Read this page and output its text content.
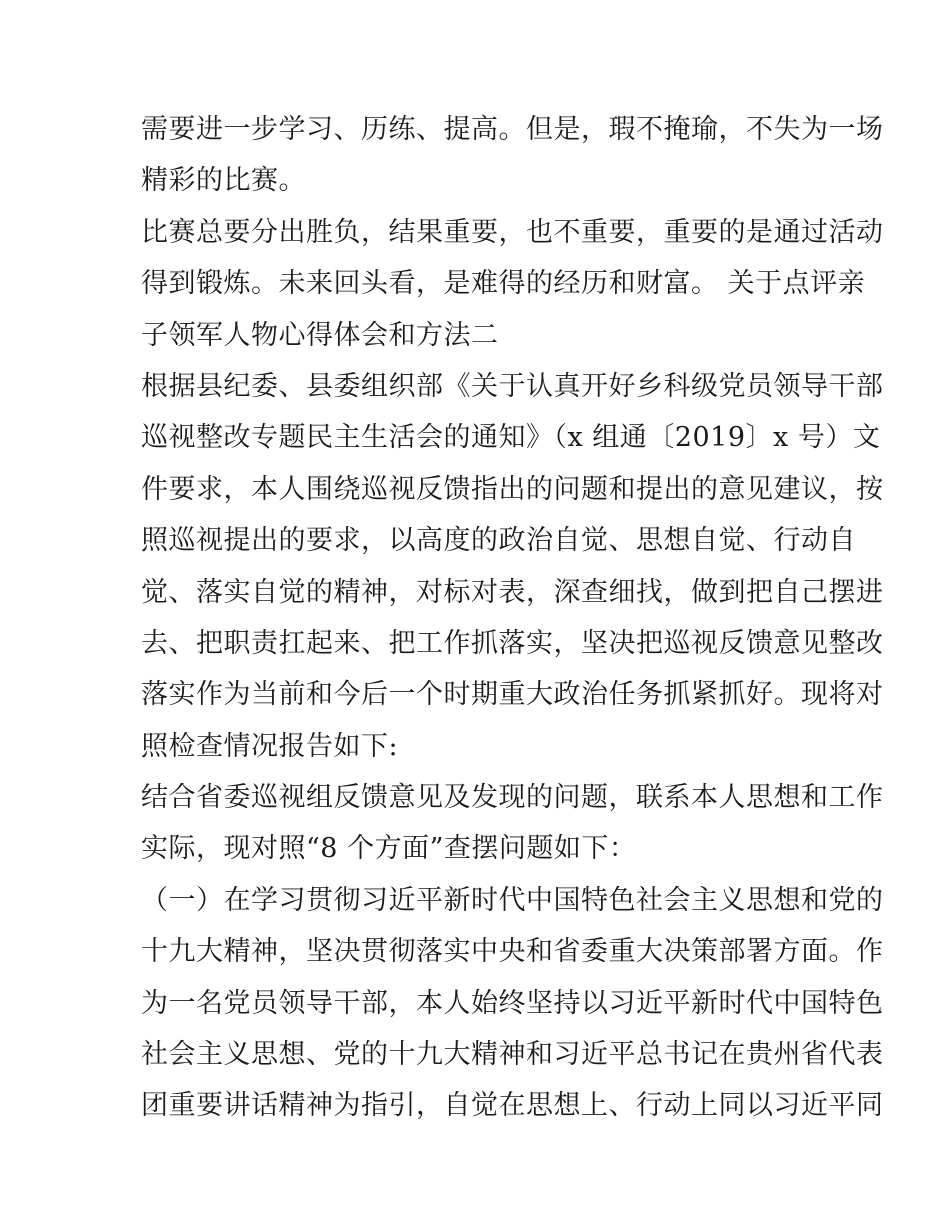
需要进一步学习、历练、提高。但是，瑕不掩瑜，不失为一场
精彩的比赛。
比赛总要分出胜负，结果重要，也不重要，重要的是通过活动
得到锻炼。未来回头看，是难得的经历和财富。 关于点评亲
子领军人物心得体会和方法二
根据县纪委、县委组织部《关于认真开好乡科级党员领导干部
巡视整改专题民主生活会的通知》（x 组通〔2019〕x 号）文
件要求，本人围绕巡视反馈指出的问题和提出的意见建议，按
照巡视提出的要求，以高度的政治自觉、思想自觉、行动自
觉、落实自觉的精神，对标对表，深查细找，做到把自己摆进
去、把职责扛起来、把工作抓落实，坚决把巡视反馈意见整改
落实作为当前和今后一个时期重大政治任务抓紧抓好。现将对
照检查情况报告如下:
结合省委巡视组反馈意见及发现的问题，联系本人思想和工作
实际，现对照“8 个方面”查摆问题如下：
（一）在学习贯彻习近平新时代中国特色社会主义思想和党的
十九大精神，坚决贯彻落实中央和省委重大决策部署方面。作
为一名党员领导干部，本人始终坚持以习近平新时代中国特色
社会主义思想、党的十九大精神和习近平总书记在贵州省代表
团重要讲话精神为指引，自觉在思想上、行动上同以习近平同
